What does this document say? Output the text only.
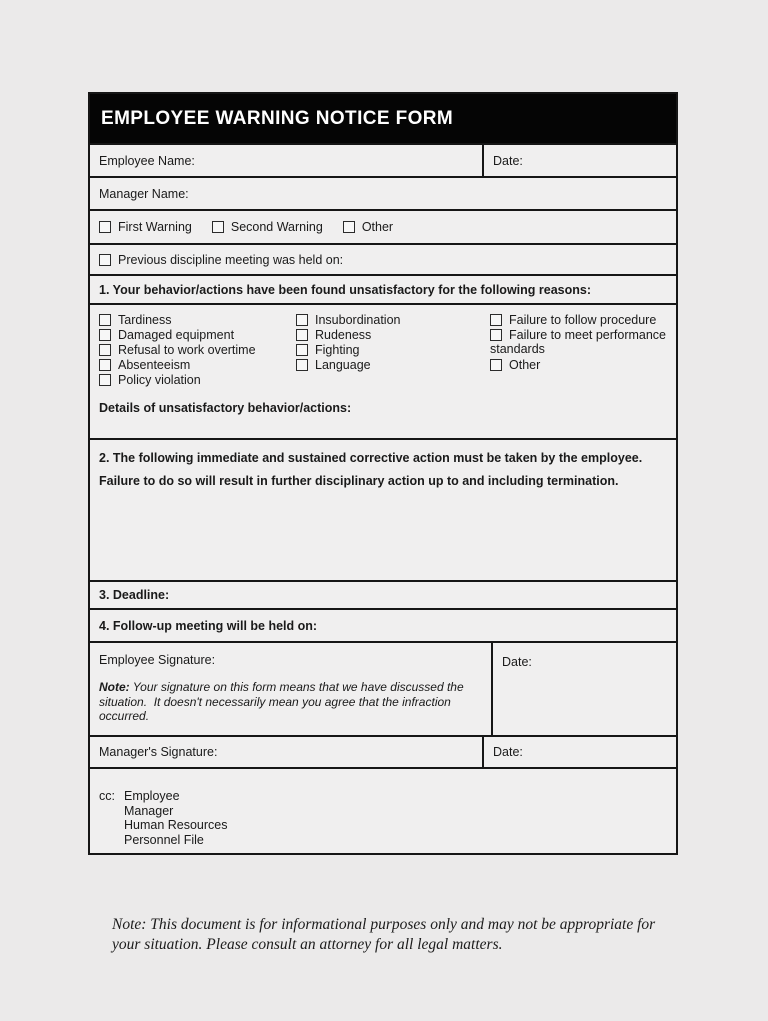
EMPLOYEE WARNING NOTICE FORM
Employee Name:	Date:
Manager Name:
First Warning	Second Warning	Other
Previous discipline meeting was held on:
1. Your behavior/actions have been found unsatisfactory for the following reasons:
Tardiness
Damaged equipment
Refusal to work overtime
Absenteeism
Policy violation
Insubordination
Rudeness
Fighting
Language
Failure to follow procedure
Failure to meet performance
standards
Other
Details of unsatisfactory behavior/actions:
2. The following immediate and sustained corrective action must be taken by the employee.
Failure to do so will result in further disciplinary action up to and including termination.
3. Deadline:
4. Follow-up meeting will be held on:
Employee Signature:
Note: Your signature on this form means that we have discussed the
situation.  It doesn't necessarily mean you agree that the infraction
occurred.
Date:
Manager's Signature:	Date:
cc: Employee
Manager
Human Resources
Personnel File
Note: This document is for informational purposes only and may not be appropriate for
your situation. Please consult an attorney for all legal matters.
